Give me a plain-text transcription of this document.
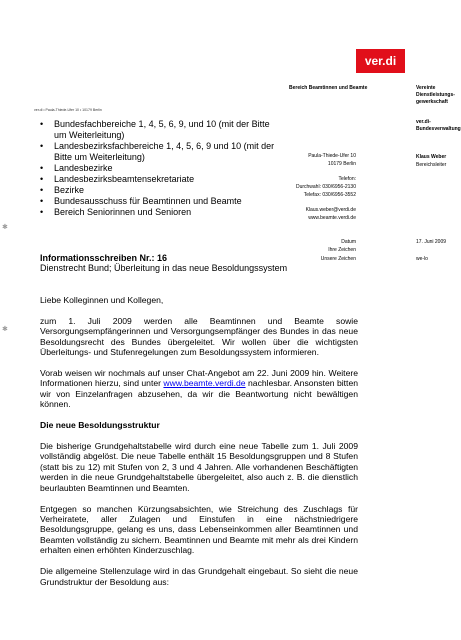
ver.di
Bereich Beamtinnen und Beamte	Vereinte Dienstleistungs-gewerkschaft
ver.di • Paula-Thiede-Ufer 10 • 10179 Berlin
• Bundesfachbereiche 1, 4, 5, 6, 9, und 10 (mit der Bitte um Weiterleitung)
• Landesbezirksfachbereiche 1, 4, 5, 6, 9 und 10 (mit der Bitte um Weiterleitung)
• Landesbezirke
• Landesbezirksbeamtensekretariate
• Bezirke
• Bundesausschuss für Beamtinnen und Beamte
• Bereich Seniorinnen und Senioren
ver.di-Bundesverwaltung
Paula-Thiede-Ufer 10
10179 Berlin
Telefon:
Durchwahl: 030/6956-2130
Telefax: 030/6956-3552
Klaus.weber@verdi.de
www.beamte.verdi.de
Klaus Weber
Bereichsleiter
✱
✱
Datum
Ihre Zeichen
Unsere Zeichen
17. Juni 2009
we-lo
Informationsschreiben Nr.: 16
Dienstrecht Bund; Überleitung in das neue Besoldungssystem

Liebe Kolleginnen und Kollegen,

zum 1. Juli 2009 werden alle Beamtinnen und Beamte sowie Versorgungsempfängerinnen und Versorgungsempfänger des Bundes in das neue Besoldungsrecht des Bundes übergeleitet. Wir wollen über die wichtigsten Überleitungs- und Stufenregelungen zum Besoldungssystem informieren.

Vorab weisen wir nochmals auf unser Chat-Angebot am 22. Juni 2009 hin. Weitere Informationen hierzu, sind unter www.beamte.verdi.de nachlesbar. Ansonsten bitten wir von Einzelanfragen abzusehen, da wir die Beantwortung nicht bewältigen können.

Die neue Besoldungsstruktur

Die bisherige Grundgehaltstabelle wird durch eine neue Tabelle zum 1. Juli 2009 vollständig abgelöst. Die neue Tabelle enthält 15 Besoldungsgruppen und 8 Stufen (statt bis zu 12) mit Stufen von 2, 3 und 4 Jahren. Alle vorhandenen Beschäftigten werden in die neue Grundgehaltstabelle übergeleitet, also auch z. B. die dienstlich beurlaubten Beamtinnen und Beamten.

Entgegen so manchen Kürzungsabsichten, wie Streichung des Zuschlags für Verheiratete, aller Zulagen und Einstufen in eine nächstniedrigere Besoldungsgruppe, gelang es uns, dass Lebenseinkommen aller Beamtinnen und Beamten vollständig zu sichern. Beamtinnen und Beamte mit mehr als drei Kindern erhalten einen erhöhten Kinderzuschlag.

Die allgemeine Stellenzulage wird in das Grundgehalt eingebaut. So sieht die neue Grundstruktur der Besoldung aus:
